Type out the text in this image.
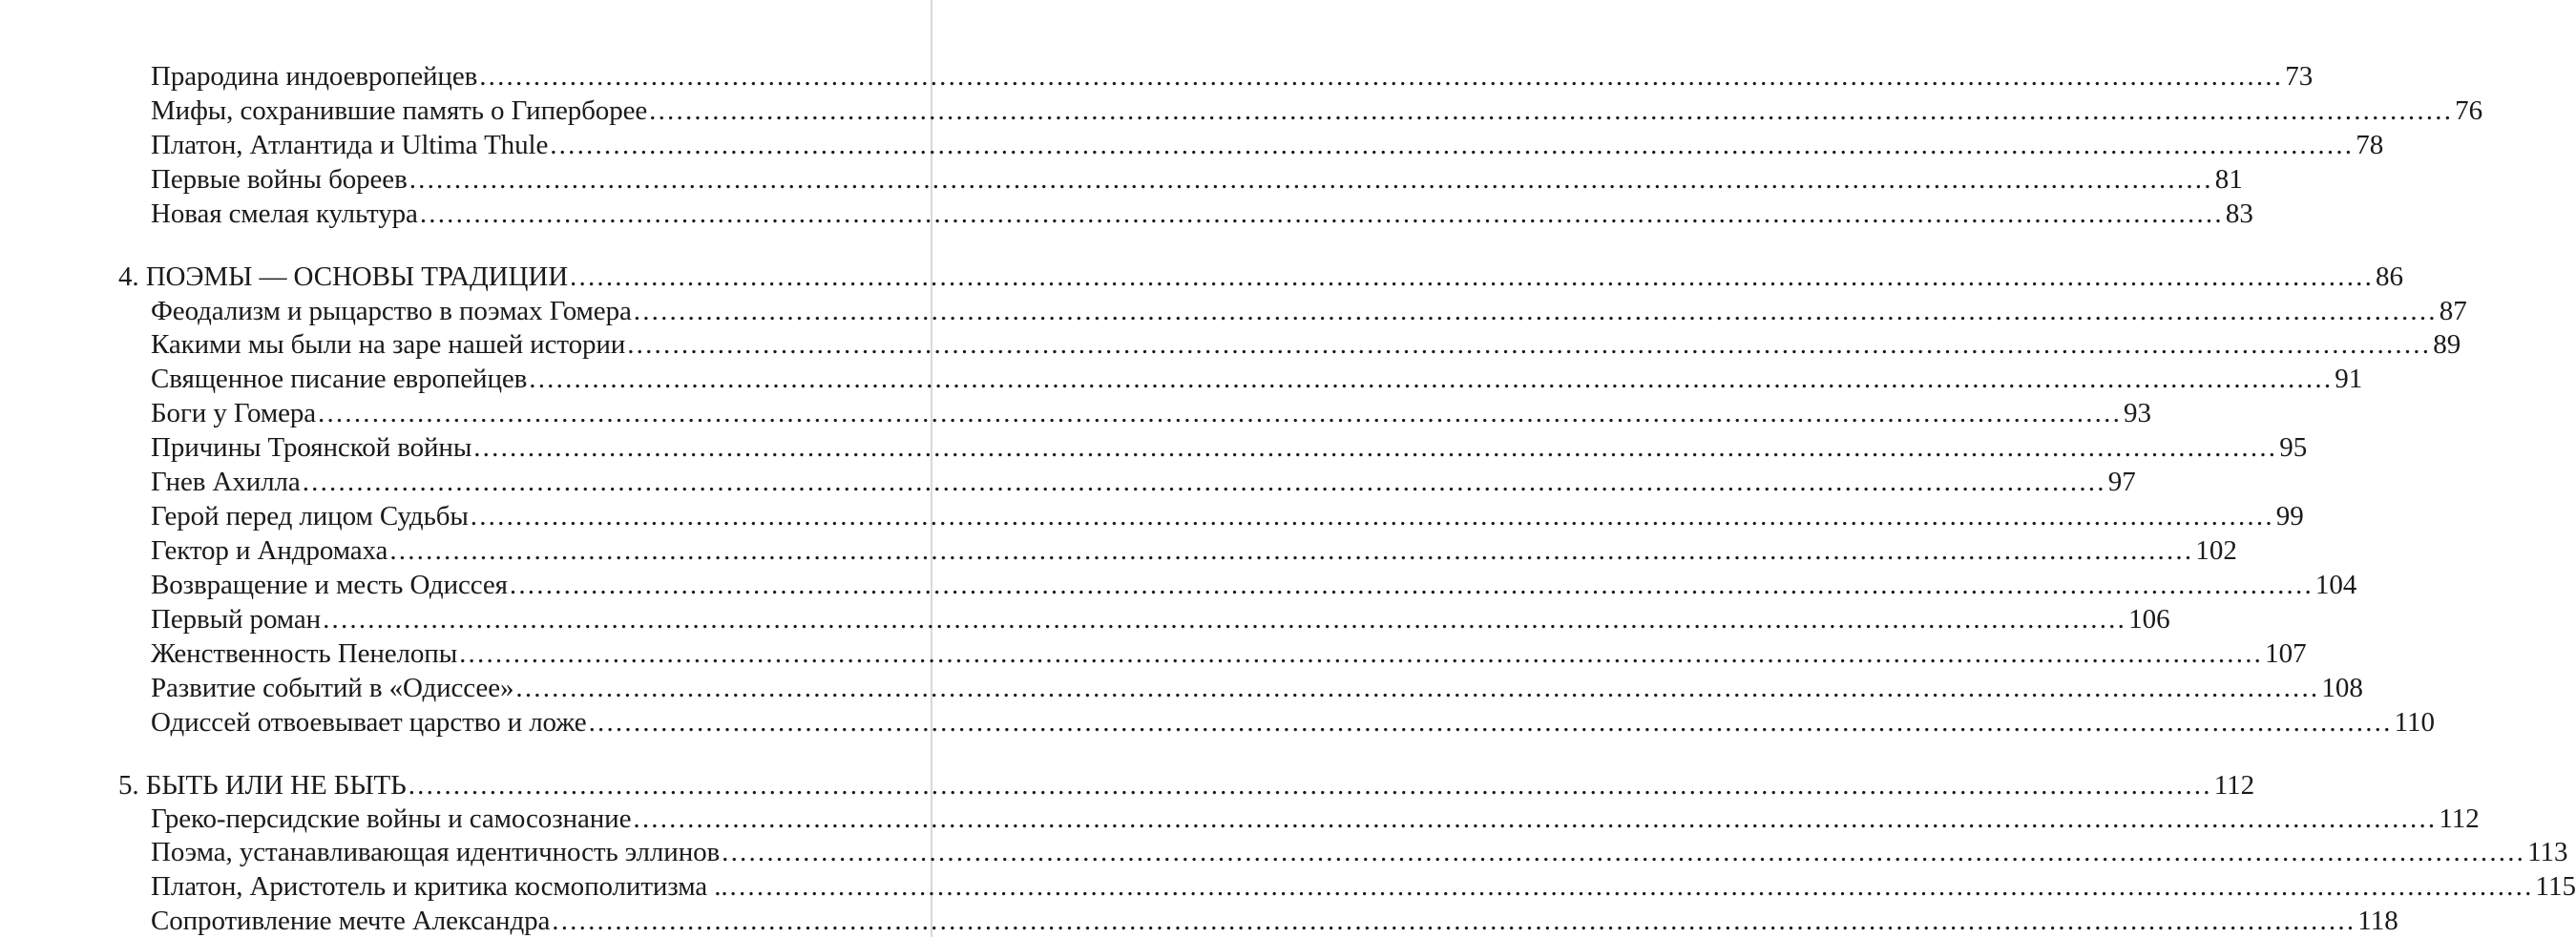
Прародина индоевропейцев ........................................................................................................................................................................................................ 73
Мифы, сохранившие память о Гиперборее ........................................................................................................................................................................................................ 76
Платон, Атлантида и Ultima Thule ........................................................................................................................................................................................................ 78
Первые войны бореев ........................................................................................................................................................................................................ 81
Новая смелая культура ........................................................................................................................................................................................................ 83
4. ПОЭМЫ — ОСНОВЫ ТРАДИЦИИ ........................................................................................................................................................................................................ 86
Феодализм и рыцарство в поэмах Гомера ........................................................................................................................................................................................................ 87
Какими мы были на заре нашей истории ........................................................................................................................................................................................................ 89
Священное писание европейцев ........................................................................................................................................................................................................ 91
Боги у Гомера ........................................................................................................................................................................................................ 93
Причины Троянской войны ........................................................................................................................................................................................................ 95
Гнев Ахилла ........................................................................................................................................................................................................ 97
Герой перед лицом Судьбы ........................................................................................................................................................................................................ 99
Гектор и Андромаха ........................................................................................................................................................................................................ 102
Возвращение и месть Одиссея ........................................................................................................................................................................................................ 104
Первый роман ........................................................................................................................................................................................................ 106
Женственность Пенелопы ........................................................................................................................................................................................................ 107
Развитие событий в «Одиссее» ........................................................................................................................................................................................................ 108
Одиссей отвоевывает царство и ложе ........................................................................................................................................................................................................ 110
5. БЫТЬ ИЛИ НЕ БЫТЬ ........................................................................................................................................................................................................ 112
Греко-персидские войны и самосознание ........................................................................................................................................................................................................ 112
Поэма, устанавливающая идентичность эллинов ........................................................................................................................................................................................................ 113
Платон, Аристотель и критика космополитизма .. ........................................................................................................................................................................................................ 115
Сопротивление мечте Александра ........................................................................................................................................................................................................ 118
